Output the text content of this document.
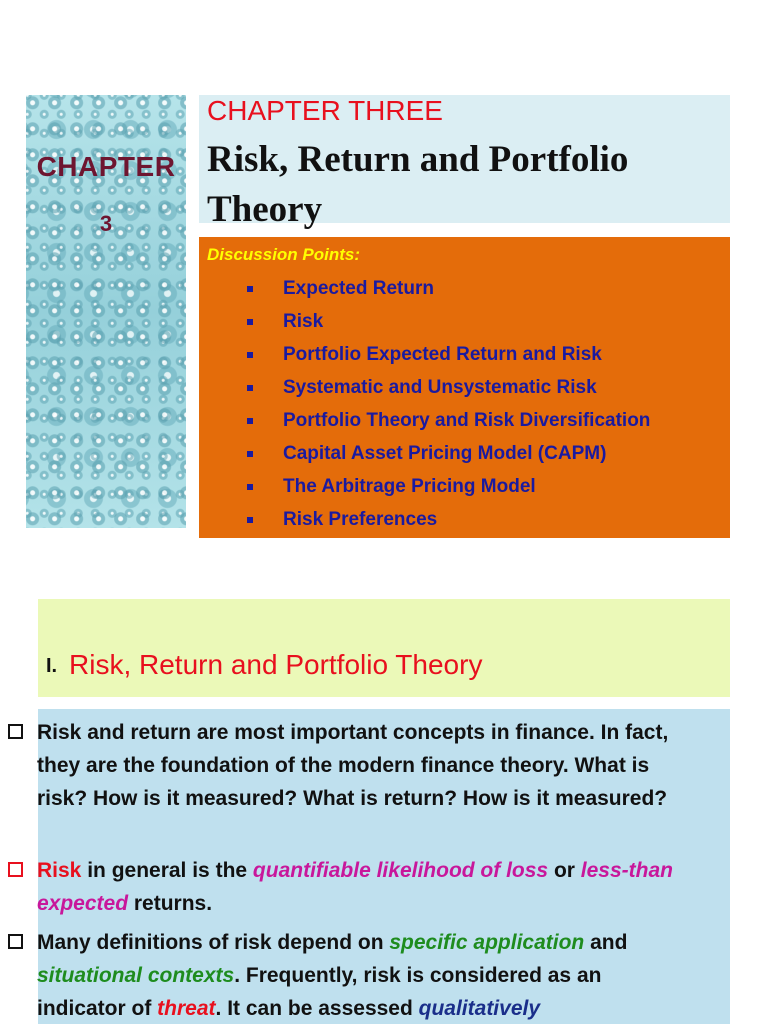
CHAPTER
3
CHAPTER THREE
Risk, Return and Portfolio Theory
Discussion Points:
Expected Return
Risk
Portfolio Expected Return and Risk
Systematic and Unsystematic Risk
Portfolio Theory and Risk Diversification
Capital Asset Pricing Model (CAPM)
The Arbitrage Pricing Model
Risk Preferences
I. Risk, Return and Portfolio Theory
Risk and return are most important concepts in finance. In fact, they are the foundation of the modern finance theory. What is risk? How is it measured? What is return? How is it measured?
Risk in general is the quantifiable likelihood of loss or less-than expected returns.
Many definitions of risk depend on specific application and situational contexts. Frequently, risk is considered as an indicator of threat. It can be assessed qualitatively
